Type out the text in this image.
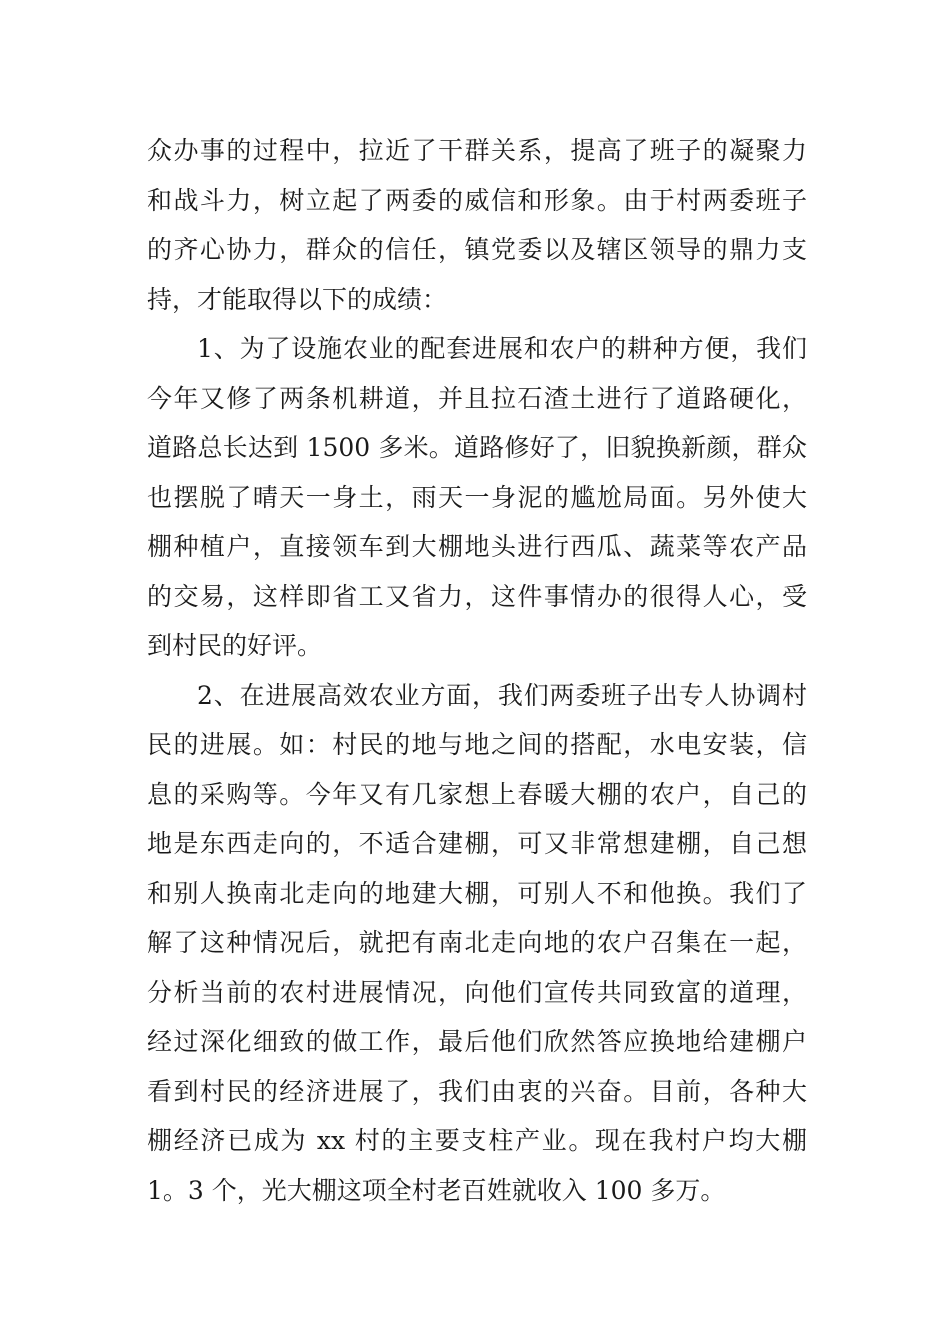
众办事的过程中，拉近了干群关系，提高了班子的凝聚力
和战斗力，树立起了两委的威信和形象。由于村两委班子
的齐心协力，群众的信任，镇党委以及辖区领导的鼎力支
持，才能取得以下的成绩：
1、为了设施农业的配套进展和农户的耕种方便，我们
今年又修了两条机耕道，并且拉石渣土进行了道路硬化，
道路总长达到 1500 多米。道路修好了，旧貌换新颜，群众
也摆脱了晴天一身土，雨天一身泥的尴尬局面。另外使大
棚种植户，直接领车到大棚地头进行西瓜、蔬菜等农产品
的交易，这样即省工又省力，这件事情办的很得人心，受
到村民的好评。
2、在进展高效农业方面，我们两委班子出专人协调村
民的进展。如：村民的地与地之间的搭配，水电安装，信
息的采购等。今年又有几家想上春暖大棚的农户，自己的
地是东西走向的，不适合建棚，可又非常想建棚，自己想
和别人换南北走向的地建大棚，可别人不和他换。我们了
解了这种情况后，就把有南北走向地的农户召集在一起，
分析当前的农村进展情况，向他们宣传共同致富的道理，
经过深化细致的做工作，最后他们欣然答应换地给建棚户
看到村民的经济进展了，我们由衷的兴奋。目前，各种大
棚经济已成为 xx 村的主要支柱产业。现在我村户均大棚
1。3 个，光大棚这项全村老百姓就收入 100 多万。
